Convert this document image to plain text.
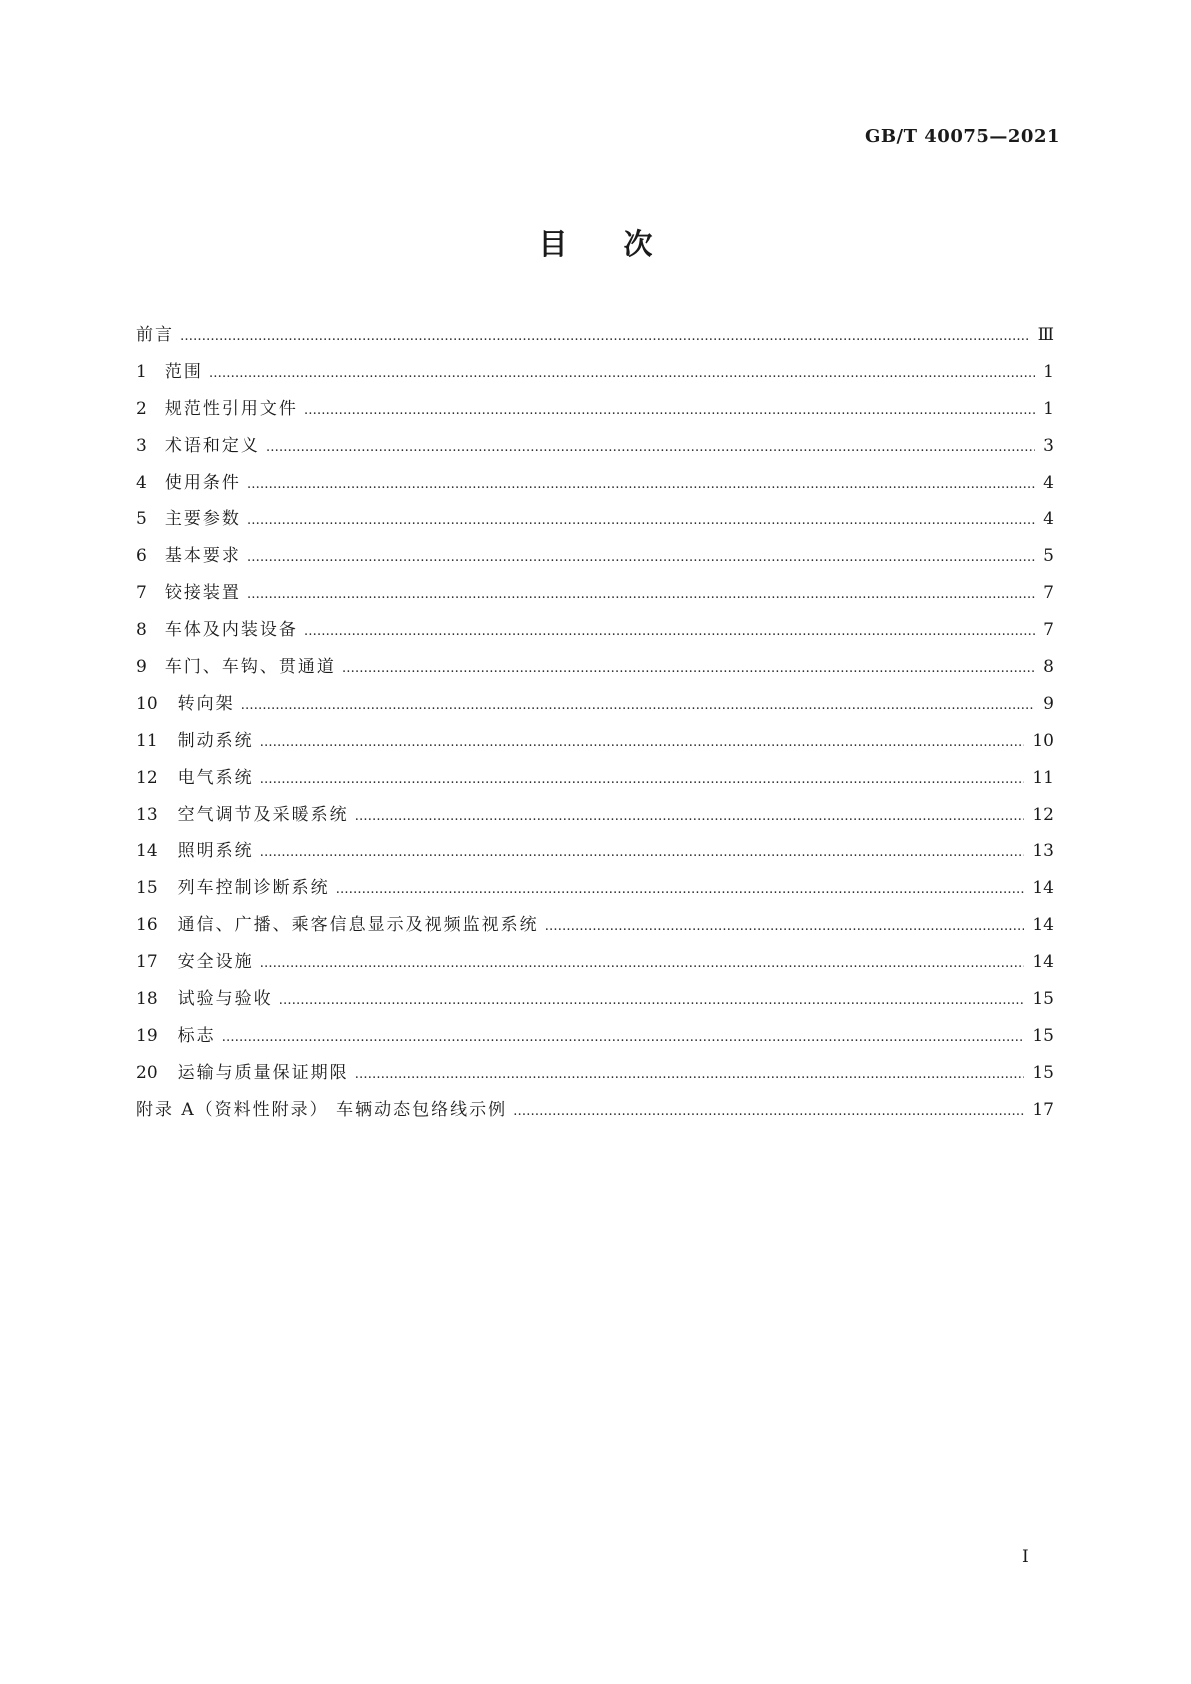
GB/T 40075—2021
目 次
前言 …………………………………………………………………………………………………………………………………………………………………………………………………………………………………………………………………………	Ⅲ
1 范围 …………………………………………………………………………………………………………………………………………………………………………………………………………………………………………………………………………	1
2 规范性引用文件 …………………………………………………………………………………………………………………………………………………………………………………………………………………………………………………………………………	1
3 术语和定义 …………………………………………………………………………………………………………………………………………………………………………………………………………………………………………………………………………	3
4 使用条件 …………………………………………………………………………………………………………………………………………………………………………………………………………………………………………………………………………	4
5 主要参数 …………………………………………………………………………………………………………………………………………………………………………………………………………………………………………………………………………	4
6 基本要求 …………………………………………………………………………………………………………………………………………………………………………………………………………………………………………………………………………	5
7 铰接装置 …………………………………………………………………………………………………………………………………………………………………………………………………………………………………………………………………………	7
8 车体及内装设备 …………………………………………………………………………………………………………………………………………………………………………………………………………………………………………………………………………	7
9 车门、车钩、贯通道 …………………………………………………………………………………………………………………………………………………………………………………………………………………………………………………………………………	8
10 转向架 …………………………………………………………………………………………………………………………………………………………………………………………………………………………………………………………………………	9
11 制动系统 …………………………………………………………………………………………………………………………………………………………………………………………………………………………………………………………………………	10
12 电气系统 …………………………………………………………………………………………………………………………………………………………………………………………………………………………………………………………………………	11
13 空气调节及采暖系统 …………………………………………………………………………………………………………………………………………………………………………………………………………………………………………………………………………	12
14 照明系统 …………………………………………………………………………………………………………………………………………………………………………………………………………………………………………………………………………	13
15 列车控制诊断系统 …………………………………………………………………………………………………………………………………………………………………………………………………………………………………………………………………………	14
16 通信、广播、乘客信息显示及视频监视系统 …………………………………………………………………………………………………………………………………………………………………………………………………………………………………………………………………………	14
17 安全设施 …………………………………………………………………………………………………………………………………………………………………………………………………………………………………………………………………………	14
18 试验与验收 …………………………………………………………………………………………………………………………………………………………………………………………………………………………………………………………………………	15
19 标志 …………………………………………………………………………………………………………………………………………………………………………………………………………………………………………………………………………	15
20 运输与质量保证期限 …………………………………………………………………………………………………………………………………………………………………………………………………………………………………………………………………………	15
附录 A（资料性附录） 车辆动态包络线示例 …………………………………………………………………………………………………………………………………………………………………………………………………………………………………………………………………………	17
I
